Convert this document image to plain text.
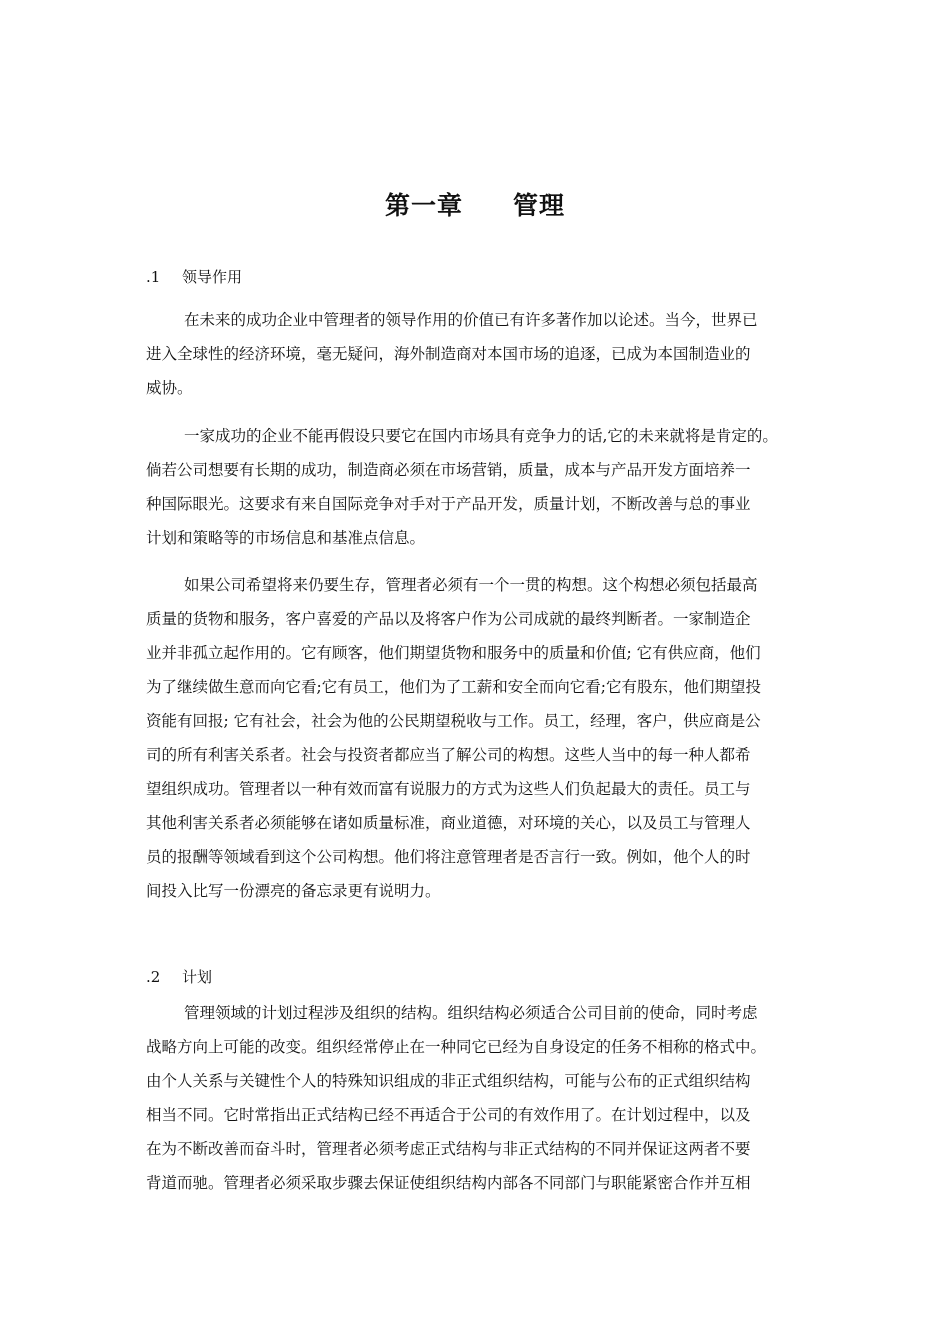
第一章 管理
.1 领导作用
在未来的成功企业中管理者的领导作用的价值已有许多著作加以论述。当今，世界已
进入全球性的经济环境，毫无疑问，海外制造商对本国市场的追逐，已成为本国制造业的
威协。
一家成功的企业不能再假设只要它在国内市场具有竞争力的话,它的未来就将是肯定的。
倘若公司想要有长期的成功，制造商必须在市场营销，质量，成本与产品开发方面培养一
种国际眼光。这要求有来自国际竞争对手对于产品开发，质量计划，不断改善与总的事业
计划和策略等的市场信息和基准点信息。
如果公司希望将来仍要生存，管理者必须有一个一贯的构想。这个构想必须包括最高
质量的货物和服务，客户喜爱的产品以及将客户作为公司成就的最终判断者。一家制造企
业并非孤立起作用的。它有顾客，他们期望货物和服务中的质量和价值; 它有供应商，他们
为了继续做生意而向它看;它有员工，他们为了工薪和安全而向它看;它有股东，他们期望投
资能有回报; 它有社会，社会为他的公民期望税收与工作。员工，经理，客户，供应商是公
司的所有利害关系者。社会与投资者都应当了解公司的构想。这些人当中的每一种人都希
望组织成功。管理者以一种有效而富有说服力的方式为这些人们负起最大的责任。员工与
其他利害关系者必须能够在诸如质量标准，商业道德，对环境的关心，以及员工与管理人
员的报酬等领域看到这个公司构想。他们将注意管理者是否言行一致。例如，他个人的时
间投入比写一份漂亮的备忘录更有说明力。
.2 计划
管理领域的计划过程涉及组织的结构。组织结构必须适合公司目前的使命，同时考虑
战略方向上可能的改变。组织经常停止在一种同它已经为自身设定的任务不相称的格式中。
由个人关系与关键性个人的特殊知识组成的非正式组织结构，可能与公布的正式组织结构
相当不同。它时常指出正式结构已经不再适合于公司的有效作用了。在计划过程中，以及
在为不断改善而奋斗时，管理者必须考虑正式结构与非正式结构的不同并保证这两者不要
背道而驰。管理者必须采取步骤去保证使组织结构内部各不同部门与职能紧密合作并互相
